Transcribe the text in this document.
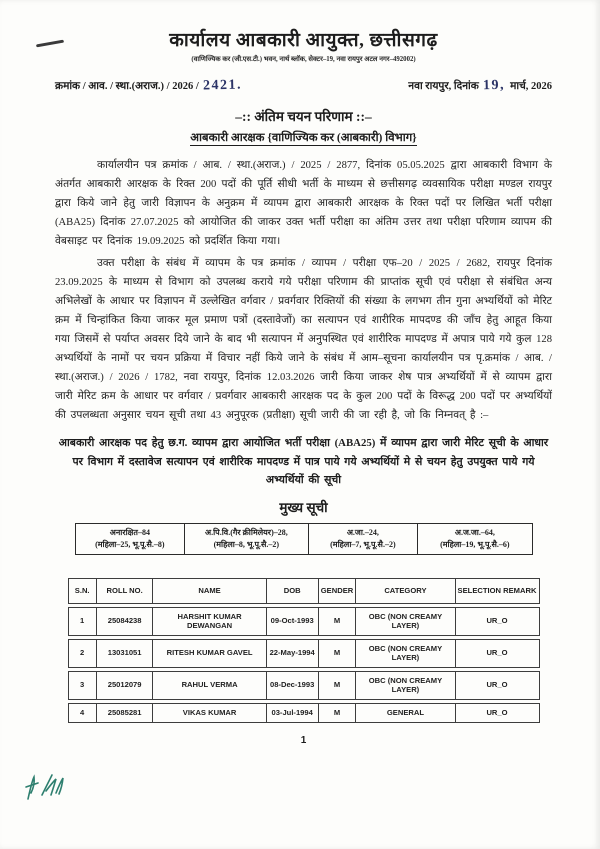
कार्यालय आबकारी आयुक्त, छत्तीसगढ़
(वाणिज्यिक कर (जी.एस.टी.) भवन, नार्थ ब्लॉक, सेक्टर–19, नवा रायपुर अटल नगर–492002)
क्रमांक / आव. / स्था.(अराज.) / 2026 / 2421.	नवा रायपुर, दिनांक 19, मार्च, 2026
–:: अंतिम चयन परिणाम ::–
आबकारी आरक्षक {वाणिज्यिक कर (आबकारी) विभाग}

कार्यालयीन पत्र क्रमांक / आब. / स्था.(अराज.) / 2025 / 2877, दिनांक 05.05.2025 द्वारा आबकारी विभाग के अंतर्गत आबकारी आरक्षक के रिक्त 200 पदों की पूर्ति सीधी भर्ती के माध्यम से छत्तीसगढ़ व्यवसायिक परीक्षा मण्डल रायपुर द्वारा किये जाने हेतु जारी विज्ञापन के अनुक्रम में व्यापम द्वारा आबकारी आरक्षक के रिक्त पदों पर लिखित भर्ती परीक्षा (ABA25) दिनांक 27.07.2025 को आयोजित की जाकर उक्त भर्ती परीक्षा का अंतिम उत्तर तथा परीक्षा परिणाम व्यापम की वेबसाइट पर दिनांक 19.09.2025 को प्रदर्शित किया गया।

उक्त परीक्षा के संबंध में व्यापम के पत्र क्रमांक / व्यापम / परीक्षा एफ–20 / 2025 / 2682, रायपुर दिनांक 23.09.2025 के माध्यम से विभाग को उपलब्ध कराये गये परीक्षा परिणाम की प्राप्तांक सूची एवं परीक्षा से संबंधित अन्य अभिलेखों के आधार पर विज्ञापन में उल्लेखित वर्गवार / प्रवर्गवार रिक्तियों की संख्या के लगभग तीन गुना अभ्यर्थियों को मेरिट क्रम में चिन्हांकित किया जाकर मूल प्रमाण पत्रों (दस्तावेजों) का सत्यापन एवं शारीरिक मापदण्ड की जाँच हेतु आहूत किया गया जिसमें से पर्याप्त अवसर दिये जाने के बाद भी सत्यापन में अनुपस्थित एवं शारीरिक मापदण्ड में अपात्र पाये गये कुल 128 अभ्यर्थियों के नामों पर चयन प्रक्रिया में विचार नहीं किये जाने के संबंध में आम–सूचना कार्यालयीन पत्र पृ.क्रमांक / आब. / स्था.(अराज.) / 2026 / 1782, नवा रायपुर, दिनांक 12.03.2026 जारी किया जाकर शेष पात्र अभ्यर्थियों में से व्यापम द्वारा जारी मेरिट क्रम के आधार पर वर्गवार / प्रवर्गवार आबकारी आरक्षक पद के कुल 200 पदों के विरूद्ध 200 पदों पर अभ्यर्थियों की उपलब्धता अनुसार चयन सूची तथा 43 अनुपूरक (प्रतीक्षा) सूची जारी की जा रही है, जो कि निम्नवत् है :–

आबकारी आरक्षक पद हेतु छ.ग. व्यापम द्वारा आयोजित भर्ती परीक्षा (ABA25) में व्यापम द्वारा जारी मेरिट सूची के आधार पर विभाग में दस्तावेज सत्यापन एवं शारीरिक मापदण्ड में पात्र पाये गये अभ्यर्थियों मे से चयन हेतु उपयुक्त पाये गये अभ्यर्थियों की सूची

मुख्य सूची
अनारक्षित–84
(महिला–25, भू.पू.सै.–8)

अ.पि.वि.(गैर क्रीमिलेयर)–28,
(महिला–8, भू.पू.सै.–2)

अ.जा.–24,
(महिला–7, भू.पू.सै.–2)

अ.ज.जा.–64,
(महिला–19, भू.पू.सै.–6)
S.N.	ROLL NO.	NAME	DOB	GENDER	CATEGORY	SELECTION REMARK
1	25084238	HARSHIT KUMAR DEWANGAN	09-Oct-1993	M	OBC (NON CREAMY LAYER)	UR_O
2	13031051	RITESH KUMAR GAVEL	22-May-1994	M	OBC (NON CREAMY LAYER)	UR_O
3	25012079	RAHUL VERMA	08-Dec-1993	M	OBC (NON CREAMY LAYER)	UR_O
4	25085281	VIKAS KUMAR	03-Jul-1994	M	GENERAL	UR_O
1
